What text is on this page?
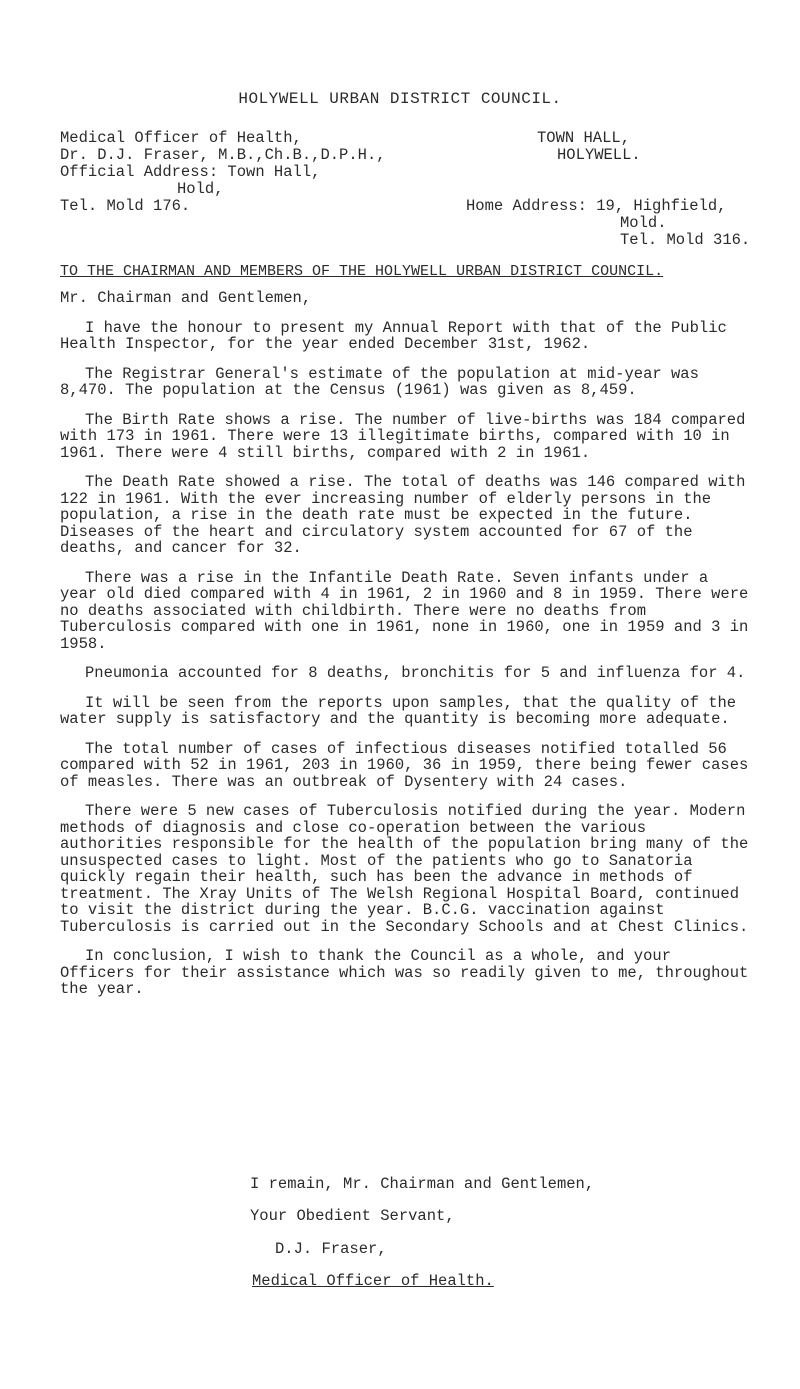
HOLYWELL URBAN DISTRICT COUNCIL.
Medical Officer of Health,
Dr. D.J. Fraser, M.B.,Ch.B.,D.P.H.,
Official Address: Town Hall,
Hold,
Tel. Mold 176.
TOWN HALL,
HOLYWELL.
Home Address: 19, Highfield,
Mold.
Tel. Mold 316.
TO THE CHAIRMAN AND MEMBERS OF THE HOLYWELL URBAN DISTRICT COUNCIL.

Mr. Chairman and Gentlemen,

I have the honour to present my Annual Report with that of the Public Health Inspector, for the year ended December 31st, 1962.

The Registrar General's estimate of the population at mid-year was 8,470. The population at the Census (1961) was given as 8,459.

The Birth Rate shows a rise. The number of live-births was 184 compared with 173 in 1961. There were 13 illegitimate births, compared with 10 in 1961. There were 4 still births, compared with 2 in 1961.

The Death Rate showed a rise. The total of deaths was 146 compared with 122 in 1961. With the ever increasing number of elderly persons in the population, a rise in the death rate must be expected in the future. Diseases of the heart and circulatory system accounted for 67 of the deaths, and cancer for 32.

There was a rise in the Infantile Death Rate. Seven infants under a year old died compared with 4 in 1961, 2 in 1960 and 8 in 1959. There were no deaths associated with childbirth. There were no deaths from Tuberculosis compared with one in 1961, none in 1960, one in 1959 and 3 in 1958.

Pneumonia accounted for 8 deaths, bronchitis for 5 and influenza for 4.

It will be seen from the reports upon samples, that the quality of the water supply is satisfactory and the quantity is becoming more adequate.

The total number of cases of infectious diseases notified totalled 56 compared with 52 in 1961, 203 in 1960, 36 in 1959, there being fewer cases of measles. There was an outbreak of Dysentery with 24 cases.

There were 5 new cases of Tuberculosis notified during the year. Modern methods of diagnosis and close co-operation between the various authorities responsible for the health of the population bring many of the unsuspected cases to light. Most of the patients who go to Sanatoria quickly regain their health, such has been the advance in methods of treatment. The Xray Units of The Welsh Regional Hospital Board, continued to visit the district during the year. B.C.G. vaccination against Tuberculosis is carried out in the Secondary Schools and at Chest Clinics.

In conclusion, I wish to thank the Council as a whole, and your Officers for their assistance which was so readily given to me, throughout the year.

I remain, Mr. Chairman and Gentlemen,
Your Obedient Servant,
D.J. Fraser,
Medical Officer of Health.
